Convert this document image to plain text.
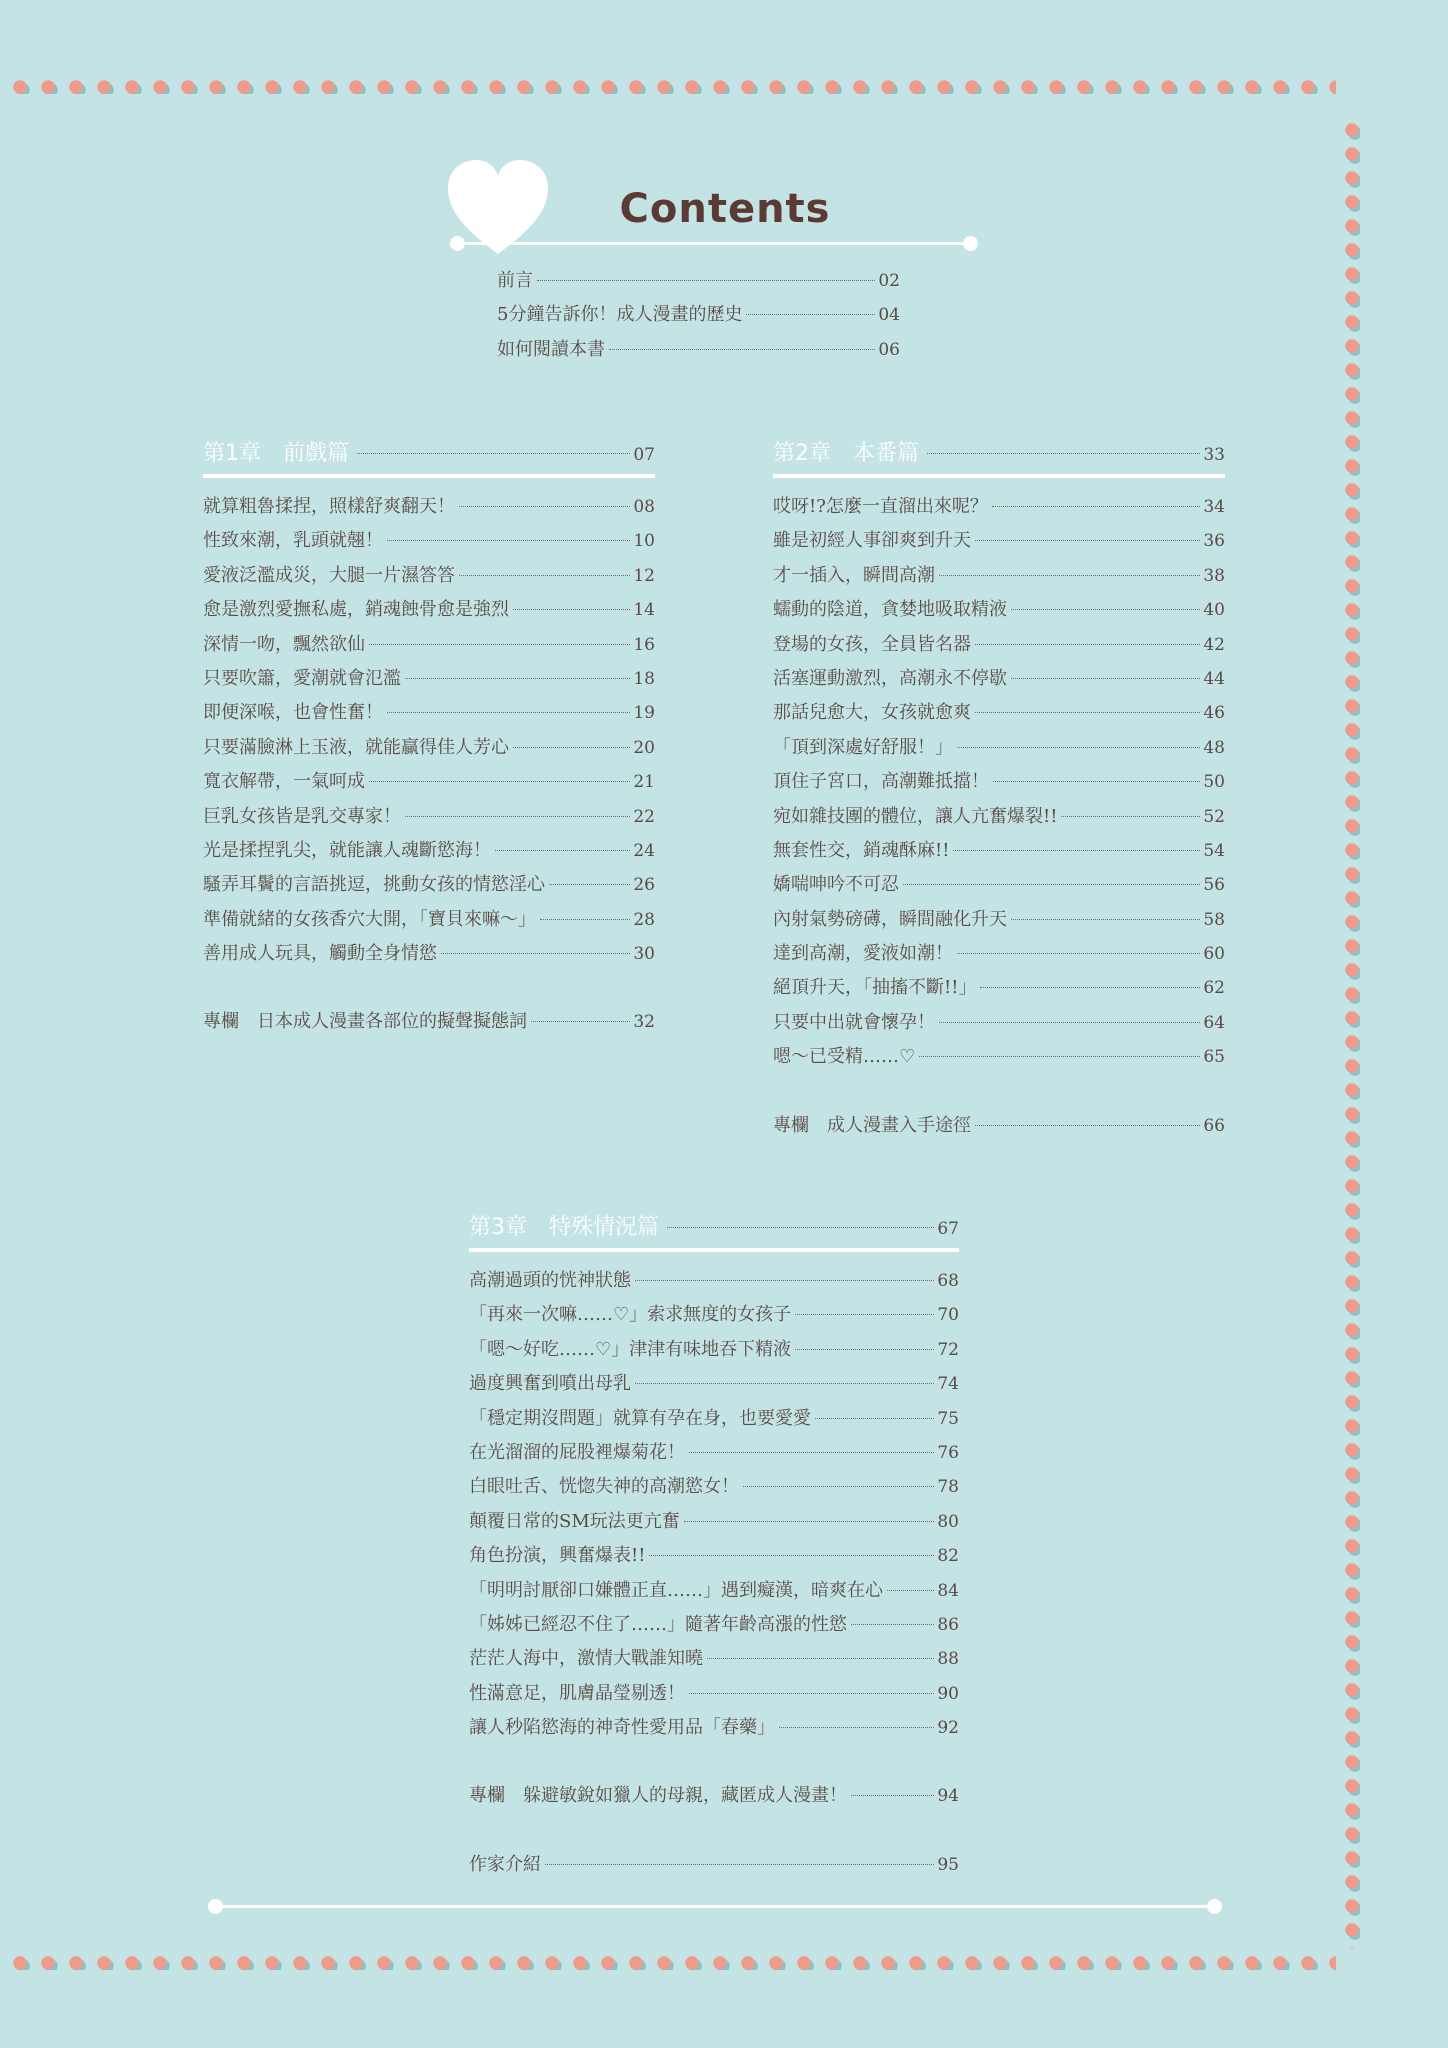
Contents
前言	02
5分鐘告訴你！成人漫畫的歷史	04
如何閱讀本書	06
第1章　前戲篇	07
就算粗魯揉捏，照樣舒爽翻天！	08
性致來潮，乳頭就翹！	10
愛液泛濫成災，大腿一片濕答答	12
愈是激烈愛撫私處，銷魂蝕骨愈是強烈	14
深情一吻，飄然欲仙	16
只要吹簫，愛潮就會氾濫	18
即便深喉，也會性奮！	19
只要滿臉淋上玉液，就能贏得佳人芳心	20
寬衣解帶，一氣呵成	21
巨乳女孩皆是乳交專家！	22
光是揉捏乳尖，就能讓人魂斷慾海！	24
騷弄耳鬢的言語挑逗，挑動女孩的情慾淫心	26
準備就緒的女孩香穴大開，「寶貝來嘛～」	28
善用成人玩具，觸動全身情慾	30
專欄　日本成人漫畫各部位的擬聲擬態詞	32
第2章　本番篇	33
哎呀!?怎麼一直溜出來呢？	34
雖是初經人事卻爽到升天	36
才一插入，瞬間高潮	38
蠕動的陰道，貪婪地吸取精液	40
登場的女孩，全員皆名器	42
活塞運動激烈，高潮永不停歇	44
那話兒愈大，女孩就愈爽	46
「頂到深處好舒服！」	48
頂住子宮口，高潮難抵擋！	50
宛如雜技團的體位，讓人亢奮爆裂!!	52
無套性交，銷魂酥麻!!	54
嬌喘呻吟不可忍	56
內射氣勢磅礡，瞬間融化升天	58
達到高潮，愛液如潮！	60
絕頂升天，「抽搐不斷!!」	62
只要中出就會懷孕！	64
嗯～已受精……♡	65
專欄　成人漫畫入手途徑	66
第3章　特殊情況篇	67
高潮過頭的恍神狀態	68
「再來一次嘛……♡」索求無度的女孩子	70
「嗯～好吃……♡」津津有味地吞下精液	72
過度興奮到噴出母乳	74
「穩定期沒問題」就算有孕在身，也要愛愛	75
在光溜溜的屁股裡爆菊花！	76
白眼吐舌、恍惚失神的高潮慾女！	78
顛覆日常的SM玩法更亢奮	80
角色扮演，興奮爆表!!	82
「明明討厭卻口嫌體正直……」遇到癡漢，暗爽在心	84
「姊姊已經忍不住了……」隨著年齡高漲的性慾	86
茫茫人海中，激情大戰誰知曉	88
性滿意足，肌膚晶瑩剔透！	90
讓人秒陷慾海的神奇性愛用品「春藥」	92
專欄　躲避敏銳如獵人的母親，藏匿成人漫畫！	94
作家介紹	95
